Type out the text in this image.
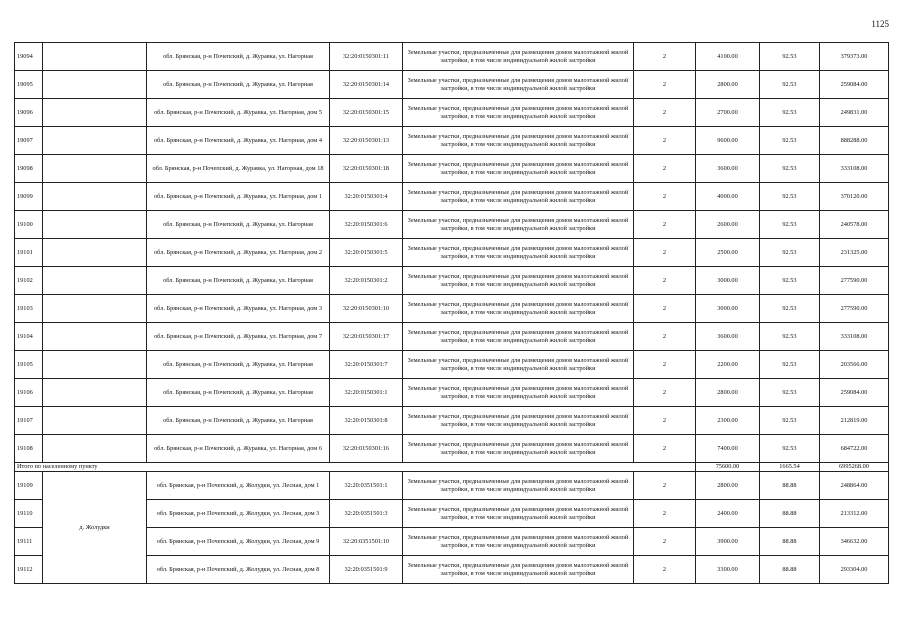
1125
19094		обл. Брянская, р-н Почепский, д. Журавка, ул. Нагорная	32:20:0150301:11	Земельные участки, предназначенные для размещения домов малоэтажной жилой застройки, в том числе индивидуальной жилой застройки	2	4100.00	92.53	379373.00
19095		обл. Брянская, р-н Почепский, д. Журавка, ул. Нагорная	32:20:0150301:14	Земельные участки, предназначенные для размещения домов малоэтажной жилой застройки, в том числе индивидуальной жилой застройки	2	2800.00	92.53	259084.00
19096		обл. Брянская, р-н Почепский, д. Журавка, ул. Нагорная, дом 5	32:20:0150301:15	Земельные участки, предназначенные для размещения домов малоэтажной жилой застройки, в том числе индивидуальной жилой застройки	2	2700.00	92.53	249831.00
19097		обл. Брянская, р-н Почепский, д. Журавка, ул. Нагорная, дом 4	32:20:0150301:13	Земельные участки, предназначенные для размещения домов малоэтажной жилой застройки, в том числе индивидуальной жилой застройки	2	9600.00	92.53	888288.00
19098		обл. Брянская, р-н Почепский, д. Журавка, ул. Нагорная, дом 18	32:20:0150301:18	Земельные участки, предназначенные для размещения домов малоэтажной жилой застройки, в том числе индивидуальной жилой застройки	2	3600.00	92.53	333108.00
19099		обл. Брянская, р-н Почепский, д. Журавка, ул. Нагорная, дом 1	32:20:0150301:4	Земельные участки, предназначенные для размещения домов малоэтажной жилой застройки, в том числе индивидуальной жилой застройки	2	4000.00	92.53	370120.00
19100		обл. Брянская, р-н Почепский, д. Журавка, ул. Нагорная	32:20:0150301:6	Земельные участки, предназначенные для размещения домов малоэтажной жилой застройки, в том числе индивидуальной жилой застройки	2	2600.00	92.53	240578.00
19101		обл. Брянская, р-н Почепский, д. Журавка, ул. Нагорная, дом 2	32:20:0150301:5	Земельные участки, предназначенные для размещения домов малоэтажной жилой застройки, в том числе индивидуальной жилой застройки	2	2500.00	92.53	231325.00
19102		обл. Брянская, р-н Почепский, д. Журавка, ул. Нагорная	32:20:0150301:2	Земельные участки, предназначенные для размещения домов малоэтажной жилой застройки, в том числе индивидуальной жилой застройки	2	3000.00	92.53	277590.00
19103		обл. Брянская, р-н Почепский, д. Журавка, ул. Нагорная, дом 3	32:20:0150301:10	Земельные участки, предназначенные для размещения домов малоэтажной жилой застройки, в том числе индивидуальной жилой застройки	2	3000.00	92.53	277590.00
19104		обл. Брянская, р-н Почепский, д. Журавка, ул. Нагорная, дом 7	32:20:0150301:17	Земельные участки, предназначенные для размещения домов малоэтажной жилой застройки, в том числе индивидуальной жилой застройки	2	3600.00	92.53	333108.00
19105		обл. Брянская, р-н Почепский, д. Журавка, ул. Нагорная	32:20:0150301:7	Земельные участки, предназначенные для размещения домов малоэтажной жилой застройки, в том числе индивидуальной жилой застройки	2	2200.00	92.53	203566.00
19106		обл. Брянская, р-н Почепский, д. Журавка, ул. Нагорная	32:20:0150301:1	Земельные участки, предназначенные для размещения домов малоэтажной жилой застройки, в том числе индивидуальной жилой застройки	2	2800.00	92.53	259084.00
19107		обл. Брянская, р-н Почепский, д. Журавка, ул. Нагорная	32:20:0150301:8	Земельные участки, предназначенные для размещения домов малоэтажной жилой застройки, в том числе индивидуальной жилой застройки	2	2300.00	92.53	212819.00
19108		обл. Брянская, р-н Почепский, д. Журавка, ул. Нагорная, дом 6	32:20:0150301:16	Земельные участки, предназначенные для размещения домов малоэтажной жилой застройки, в том числе индивидуальной жилой застройки	2	7400.00	92.53	684722.00
Итого по населенному пункту						75600.00	1665.54	6995268.00
19109	д. Жолудки	обл. Брянская, р-н Почепский, д. Жолудки, ул. Лесная, дом 1	32:20:0351501:1	Земельные участки, предназначенные для размещения домов малоэтажной жилой застройки, в том числе индивидуальной жилой застройки	2	2800.00	88.88	248864.00
19110		обл. Брянская, р-н Почепский, д. Жолудки, ул. Лесная, дом 3	32:20:0351501:3	Земельные участки, предназначенные для размещения домов малоэтажной жилой застройки, в том числе индивидуальной жилой застройки	2	2400.00	88.88	213312.00
19111		обл. Брянская, р-н Почепский, д. Жолудки, ул. Лесная, дом 9	32:20:0351501:10	Земельные участки, предназначенные для размещения домов малоэтажной жилой застройки, в том числе индивидуальной жилой застройки	2	3900.00	88.88	346632.00
19112		обл. Брянская, р-н Почепский, д. Жолудки, ул. Лесная, дом 8	32:20:0351501:9	Земельные участки, предназначенные для размещения домов малоэтажной жилой застройки, в том числе индивидуальной жилой застройки	2	3300.00	88.88	293304.00
